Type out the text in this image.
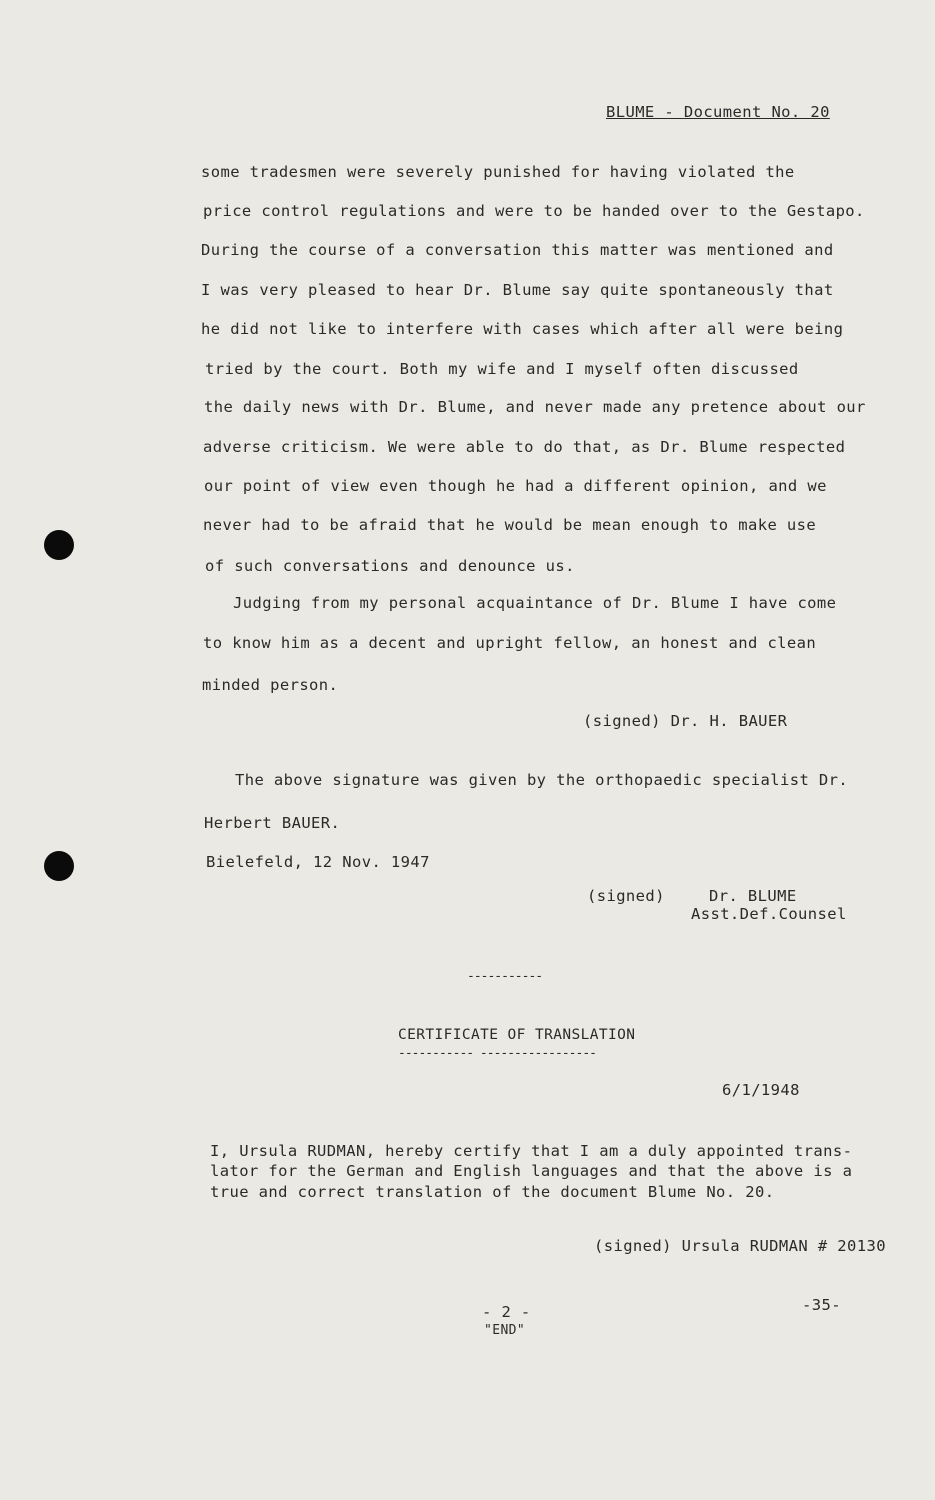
BLUME - Document No. 20
some tradesmen were severely punished for having violated the
price control regulations and were to be handed over to the Gestapo.
During the course of a conversation this matter was mentioned and
I was very pleased to hear Dr. Blume say quite spontaneously that
he did not like to interfere with cases which after all were being
tried by the court. Both my wife and I myself often discussed
the daily news with Dr. Blume, and never made any pretence about our
adverse criticism. We were able to do that, as Dr. Blume respected
our point of view even though he had a different opinion, and we
never had to be afraid that he would be mean enough to make use
of such conversations and denounce us.
Judging from my personal acquaintance of Dr. Blume I have come
to know him as a decent and upright fellow, an honest and clean
minded person.
(signed) Dr. H. BAUER
The above signature was given by the orthopaedic specialist Dr.
Herbert BAUER.
Bielefeld, 12 Nov. 1947
(signed)	Dr. BLUME
Asst.Def.Counsel
-----------
CERTIFICATE OF TRANSLATION
----------- -----------------
6/1/1948
I, Ursula RUDMAN, hereby certify that I am a duly appointed trans-
lator for the German and English languages and that the above is a
true and correct translation of the document Blume No. 20.
(signed) Ursula RUDMAN # 20130
- 2 -
"END"
-35-
